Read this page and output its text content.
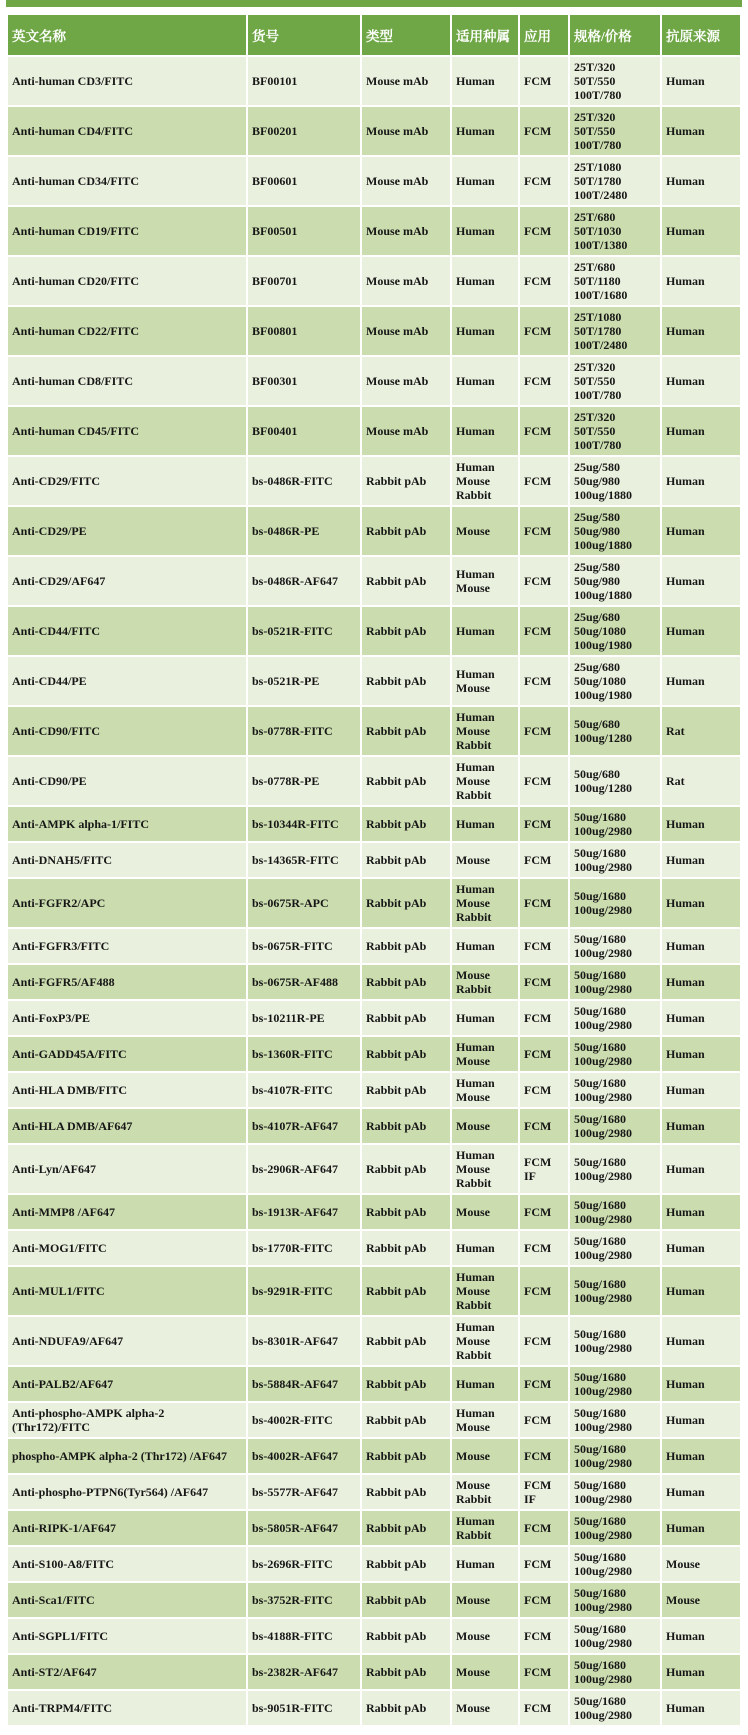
英文名称	货号	类型	适用种属	应用	规格/价格	抗原来源
Anti-human CD3/FITC	BF00101	Mouse mAb	Human	FCM	25T/320
50T/550
100T/780	Human
Anti-human CD4/FITC	BF00201	Mouse mAb	Human	FCM	25T/320
50T/550
100T/780	Human
Anti-human CD34/FITC	BF00601	Mouse mAb	Human	FCM	25T/1080
50T/1780
100T/2480	Human
Anti-human CD19/FITC	BF00501	Mouse mAb	Human	FCM	25T/680
50T/1030
100T/1380	Human
Anti-human CD20/FITC	BF00701	Mouse mAb	Human	FCM	25T/680
50T/1180
100T/1680	Human
Anti-human CD22/FITC	BF00801	Mouse mAb	Human	FCM	25T/1080
50T/1780
100T/2480	Human
Anti-human CD8/FITC	BF00301	Mouse mAb	Human	FCM	25T/320
50T/550
100T/780	Human
Anti-human CD45/FITC	BF00401	Mouse mAb	Human	FCM	25T/320
50T/550
100T/780	Human
Anti-CD29/FITC	bs-0486R-FITC	Rabbit pAb	
Human
Mouse
Rabbit
	FCM	
25ug/580
50ug/980
100ug/1880
	Human
Anti-CD29/PE	bs-0486R-PE	Rabbit pAb	Mouse	FCM	25ug/580
50ug/980
100ug/1880	Human
Anti-CD29/AF647	bs-0486R-AF647	Rabbit pAb	Human
Mouse	FCM	
25ug/580
50ug/980
100ug/1880
	Human
Anti-CD44/FITC	bs-0521R-FITC	Rabbit pAb	Human	FCM	25ug/680
50ug/1080
100ug/1980	Human
Anti-CD44/PE	bs-0521R-PE	Rabbit pAb	Human
Mouse	FCM	
25ug/680
50ug/1080
100ug/1980
	Human
Anti-CD90/FITC	bs-0778R-FITC	Rabbit pAb	
Human
Mouse
Rabbit
	FCM	50ug/680
100ug/1280	Rat
Anti-CD90/PE	bs-0778R-PE	Rabbit pAb	
Human
Mouse
Rabbit
	FCM	50ug/680
100ug/1280	Rat
Anti-AMPK alpha-1/FITC	bs-10344R-FITC	Rabbit pAb	Human	FCM	50ug/1680
100ug/2980	Human
Anti-DNAH5/FITC	bs-14365R-FITC	Rabbit pAb	Mouse	FCM	50ug/1680
100ug/2980	Human
Anti-FGFR2/APC	bs-0675R-APC	Rabbit pAb	
Human
Mouse
Rabbit
	FCM	50ug/1680
100ug/2980	Human
Anti-FGFR3/FITC	bs-0675R-FITC	Rabbit pAb	Human	FCM	50ug/1680
100ug/2980	Human
Anti-FGFR5/AF488	bs-0675R-AF488	Rabbit pAb	Mouse
Rabbit	FCM	50ug/1680
100ug/2980	Human
Anti-FoxP3/PE	bs-10211R-PE	Rabbit pAb	Human	FCM	50ug/1680
100ug/2980	Human
Anti-GADD45A/FITC	bs-1360R-FITC	Rabbit pAb	Human
Mouse	FCM	50ug/1680
100ug/2980	Human
Anti-HLA DMB/FITC	bs-4107R-FITC	Rabbit pAb	Human
Mouse	FCM	50ug/1680
100ug/2980	Human
Anti-HLA DMB/AF647	bs-4107R-AF647	Rabbit pAb	Mouse	FCM	50ug/1680
100ug/2980	Human
Anti-Lyn/AF647	bs-2906R-AF647	Rabbit pAb	
Human
Mouse
Rabbit
	FCM IF	
50ug/1680
100ug/2980	Human
Anti-MMP8 /AF647	bs-1913R-AF647	Rabbit pAb	Mouse	FCM	50ug/1680
100ug/2980	Human
Anti-MOG1/FITC	bs-1770R-FITC	Rabbit pAb	Human	FCM	50ug/1680
100ug/2980	Human
Anti-MUL1/FITC	bs-9291R-FITC	Rabbit pAb	
Human
Mouse
Rabbit
	FCM	50ug/1680
100ug/2980	Human
Anti-NDUFA9/AF647	bs-8301R-AF647	Rabbit pAb	
Human
Mouse
Rabbit
	FCM	50ug/1680
100ug/2980	Human
Anti-PALB2/AF647	bs-5884R-AF647	Rabbit pAb	Human	FCM	50ug/1680
100ug/2980	Human
Anti-phospho-AMPK alpha-2 (Thr172)/FITC	bs-4002R-FITC	Rabbit pAb	Human
Mouse	FCM	50ug/1680
100ug/2980	Human
phospho-AMPK alpha-2 (Thr172) /AF647	bs-4002R-AF647	Rabbit pAb	Mouse	FCM	50ug/1680
100ug/2980	Human
Anti-phospho-PTPN6(Tyr564) /AF647	bs-5577R-AF647	Rabbit pAb	Mouse
Rabbit
	FCM IF	
50ug/1680
100ug/2980	Human
Anti-RIPK-1/AF647	bs-5805R-AF647	Rabbit pAb	Human
Rabbit	FCM	50ug/1680
100ug/2980	Human
Anti-S100-A8/FITC	bs-2696R-FITC	Rabbit pAb	Human	FCM	50ug/1680
100ug/2980	Mouse
Anti-Sca1/FITC	bs-3752R-FITC	Rabbit pAb	Mouse	FCM	50ug/1680
100ug/2980	Mouse
Anti-SGPL1/FITC	bs-4188R-FITC	Rabbit pAb	Mouse	FCM	50ug/1680
100ug/2980	Human
Anti-ST2/AF647	bs-2382R-AF647	Rabbit pAb	Mouse	FCM	50ug/1680
100ug/2980	Human
Anti-TRPM4/FITC	bs-9051R-FITC	Rabbit pAb	Mouse	FCM	50ug/1680
100ug/2980	Human
